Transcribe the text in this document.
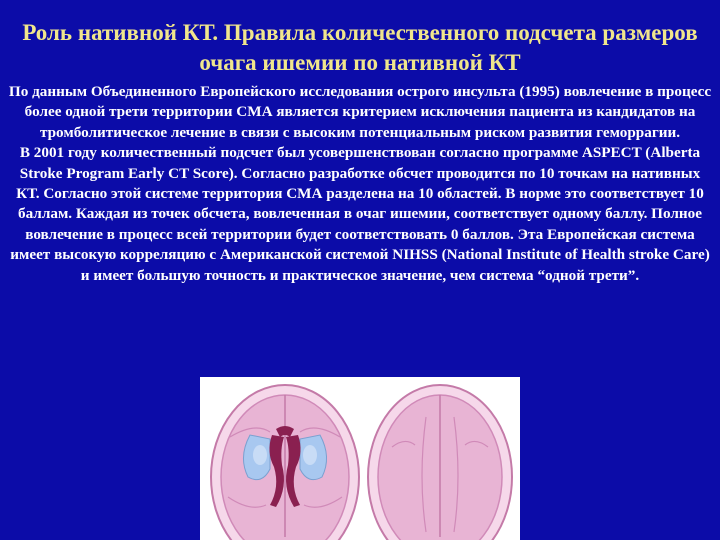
Роль нативной КТ. Правила количественного подсчета размеров очага ишемии по нативной КТ

По данным Объединенного Европейского исследования острого инсульта (1995) вовлечение в процесс более одной трети территории СМА является критерием исключения пациента из кандидатов на тромболитическое лечение в связи с высоким потенциальным риском развития геморрагии.

В 2001 году количественный подсчет был усовершенствован согласно программе ASPECT (Alberta Stroke Program Early CT Score). Согласно разработке обсчет проводится по 10 точкам на нативных КТ. Согласно этой системе территория СМА разделена на 10 областей. В норме это соответствует 10 баллам. Каждая из точек обсчета, вовлеченная в очаг ишемии, соответствует одному баллу. Полное вовлечение в процесс всей территории будет соответствовать 0 баллов. Эта Европейская система имеет высокую корреляцию с Американской системой NIHSS (National Institute of Health stroke Care) и имеет большую точность и практическое значение, чем система “одной трети”.
